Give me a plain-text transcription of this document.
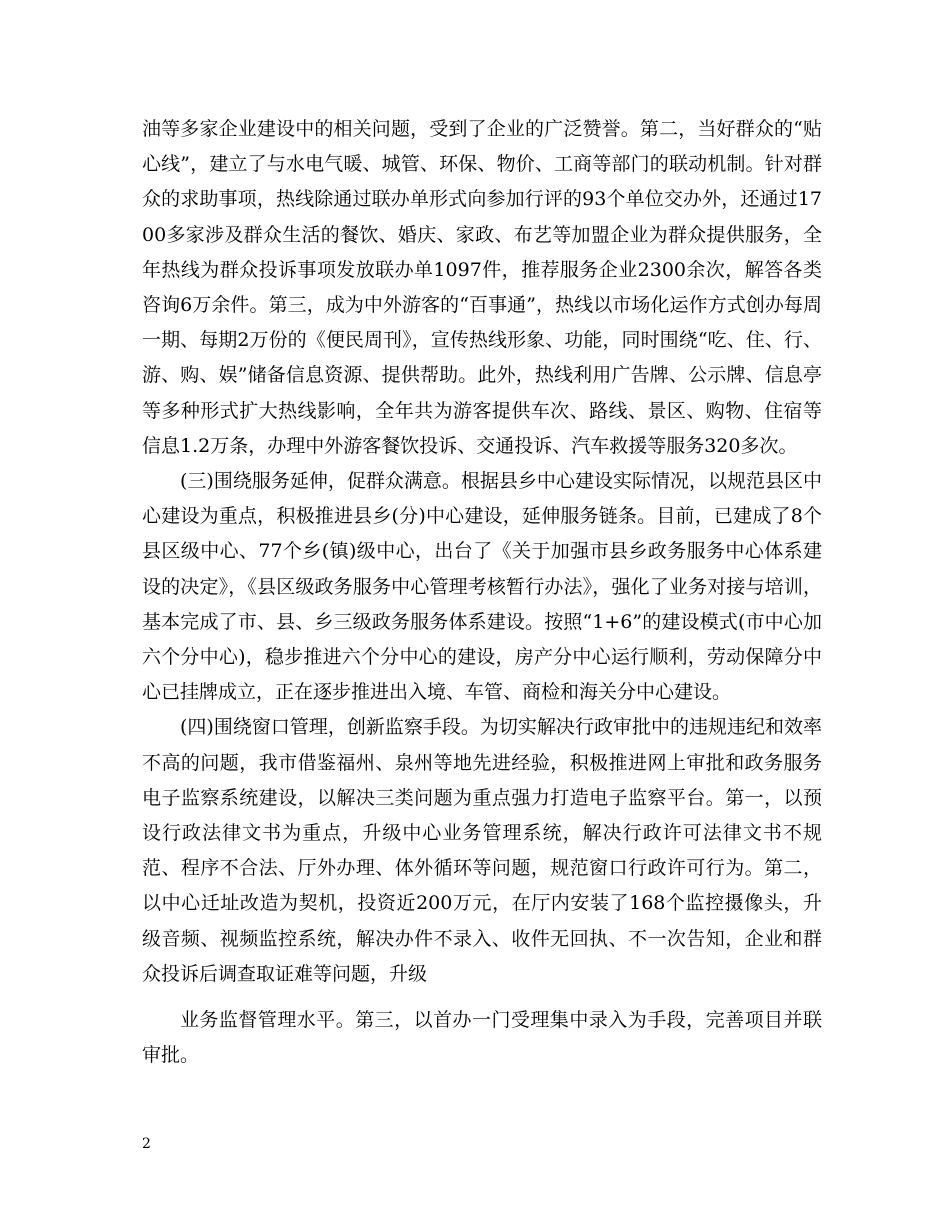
油等多家企业建设中的相关问题，受到了企业的广泛赞誉。第二，当好群众的“贴心线”，建立了与水电气暖、城管、环保、物价、工商等部门的联动机制。针对群众的求助事项，热线除通过联办单形式向参加行评的93个单位交办外，还通过1700多家涉及群众生活的餐饮、婚庆、家政、布艺等加盟企业为群众提供服务，全年热线为群众投诉事项发放联办单1097件，推荐服务企业2300余次，解答各类咨询6万余件。第三，成为中外游客的“百事通”，热线以市场化运作方式创办每周一期、每期2万份的《便民周刊》，宣传热线形象、功能，同时围绕“吃、住、行、游、购、娱”储备信息资源、提供帮助。此外，热线利用广告牌、公示牌、信息亭等多种形式扩大热线影响，全年共为游客提供车次、路线、景区、购物、住宿等信息1.2万条，办理中外游客餐饮投诉、交通投诉、汽车救援等服务320多次。

(三)围绕服务延伸，促群众满意。根据县乡中心建设实际情况，以规范县区中心建设为重点，积极推进县乡(分)中心建设，延伸服务链条。目前，已建成了8个县区级中心、77个乡(镇)级中心，出台了《关于加强市县乡政务服务中心体系建设的决定》，《县区级政务服务中心管理考核暂行办法》，强化了业务对接与培训，基本完成了市、县、乡三级政务服务体系建设。按照“1+6”的建设模式(市中心加六个分中心)，稳步推进六个分中心的建设，房产分中心运行顺利，劳动保障分中心已挂牌成立，正在逐步推进出入境、车管、商检和海关分中心建设。

(四)围绕窗口管理，创新监察手段。为切实解决行政审批中的违规违纪和效率不高的问题，我市借鉴福州、泉州等地先进经验，积极推进网上审批和政务服务电子监察系统建设，以解决三类问题为重点强力打造电子监察平台。第一，以预设行政法律文书为重点，升级中心业务管理系统，解决行政许可法律文书不规范、程序不合法、厅外办理、体外循环等问题，规范窗口行政许可行为。第二，以中心迁址改造为契机，投资近200万元，在厅内安装了168个监控摄像头，升级音频、视频监控系统，解决办件不录入、收件无回执、不一次告知，企业和群众投诉后调查取证难等问题，升级

业务监督管理水平。第三，以首办一门受理集中录入为手段，完善项目并联审批。

2
